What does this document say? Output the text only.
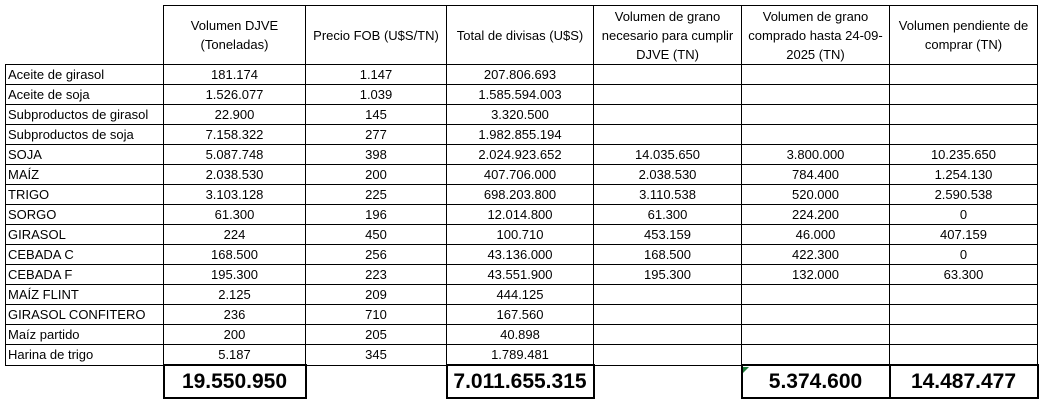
	Volumen DJVE (Toneladas)	Precio FOB (U$S/TN)	Total de divisas (U$S)	Volumen de grano necesario para cumplir DJVE (TN)	Volumen de grano comprado hasta 24-09-2025 (TN)	Volumen pendiente de comprar (TN)
Aceite de girasol	181.174	1.147	207.806.693			
Aceite de soja	1.526.077	1.039	1.585.594.003			
Subproductos de girasol	22.900	145	3.320.500			
Subproductos de soja	7.158.322	277	1.982.855.194			
SOJA	5.087.748	398	2.024.923.652	14.035.650	3.800.000	10.235.650
MAÍZ	2.038.530	200	407.706.000	2.038.530	784.400	1.254.130
TRIGO	3.103.128	225	698.203.800	3.110.538	520.000	2.590.538
SORGO	61.300	196	12.014.800	61.300	224.200	0
GIRASOL	224	450	100.710	453.159	46.000	407.159
CEBADA C	168.500	256	43.136.000	168.500	422.300	0
CEBADA F	195.300	223	43.551.900	195.300	132.000	63.300
MAÍZ FLINT	2.125	209	444.125			
GIRASOL CONFITERO	236	710	167.560			
Maíz partido	200	205	40.898			
Harina de trigo	5.187	345	1.789.481			
	19.550.950		7.011.655.315		5.374.600	14.487.477
